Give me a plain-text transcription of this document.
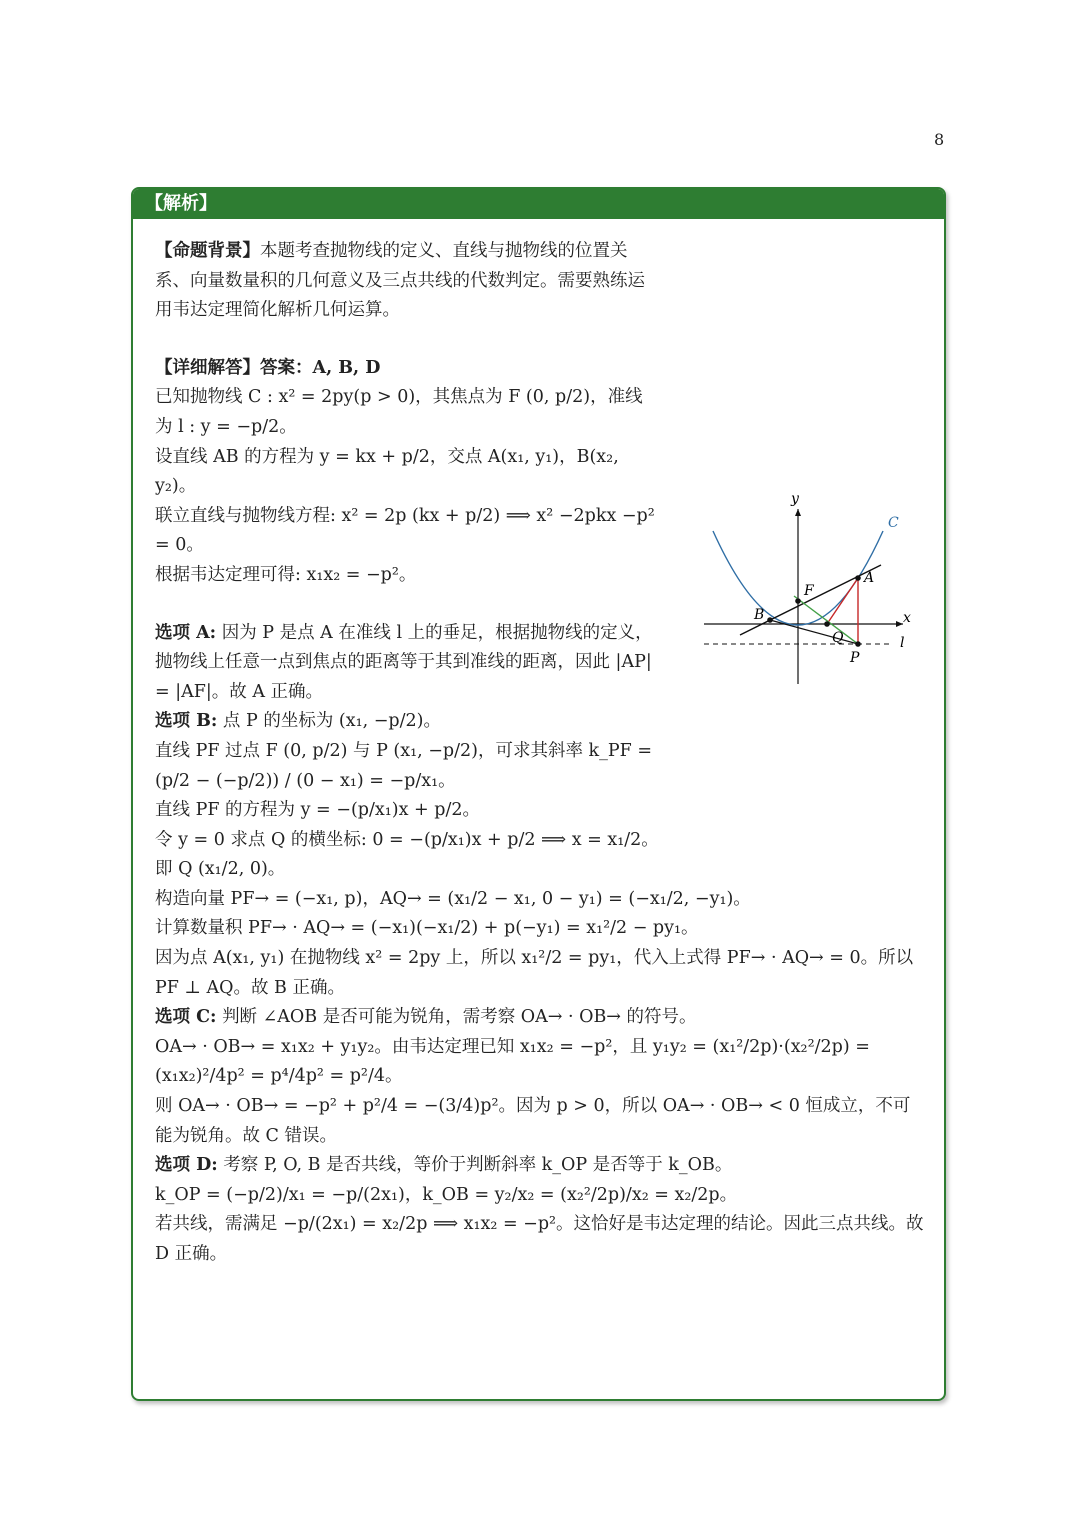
8
【解析】

【命题背景】本题考查抛物线的定义、直线与抛物线的位置关系、向量数量积的几何意义及三点共线的代数判定。需要熟练运用韦达定理简化解析几何运算。

【详细解答】答案：A, B, D

已知抛物线 C : x² = 2py(p > 0)，其焦点为 F (0, p/2)，准线为 l : y = −p/2。

设直线 AB 的方程为 y = kx + p/2，交点 A(x₁, y₁)，B(x₂, y₂)。

联立直线与抛物线方程: x² = 2p (kx + p/2) ⟹ x² −2pkx −p² = 0。

根据韦达定理可得: x₁x₂ = −p²。

选项 A: 因为 P 是点 A 在准线 l 上的垂足，根据抛物线的定义，抛物线上任意一点到焦点的距离等于其到准线的距离，因此 |AP| = |AF|。故 A 正确。

选项 B: 点 P 的坐标为 (x₁, −p/2)。

直线 PF 过点 F (0, p/2) 与 P (x₁, −p/2)，可求其斜率 k_PF = (p/2 − (−p/2)) / (0 − x₁) = −p/x₁。

直线 PF 的方程为 y = −(p/x₁)x + p/2。

令 y = 0 求点 Q 的横坐标: 0 = −(p/x₁)x + p/2 ⟹ x = x₁/2。即 Q (x₁/2, 0)。

构造向量 PF→ = (−x₁, p)，AQ→ = (x₁/2 − x₁, 0 − y₁) = (−x₁/2, −y₁)。

计算数量积 PF→ · AQ→ = (−x₁)(−x₁/2) + p(−y₁) = x₁²/2 − py₁。

因为点 A(x₁, y₁) 在抛物线 x² = 2py 上，所以 x₁²/2 = py₁，代入上式得 PF→ · AQ→ = 0。所以 PF ⊥ AQ。故 B 正确。

选项 C: 判断 ∠AOB 是否可能为锐角，需考察 OA→ · OB→ 的符号。

OA→ · OB→ = x₁x₂ + y₁y₂。由韦达定理已知 x₁x₂ = −p²，且 y₁y₂ = (x₁²/2p)·(x₂²/2p) = (x₁x₂)²/4p² = p⁴/4p² = p²/4。

则 OA→ · OB→ = −p² + p²/4 = −(3/4)p²。因为 p > 0，所以 OA→ · OB→ < 0 恒成立，不可能为锐角。故 C 错误。

选项 D: 考察 P, O, B 是否共线，等价于判断斜率 k_OP 是否等于 k_OB。

k_OP = (−p/2)/x₁ = −p/(2x₁)，k_OB = y₂/x₂ = (x₂²/2p)/x₂ = x₂/2p。

若共线，需满足 −p/(2x₁) = x₂/2p ⟹ x₁x₂ = −p²。这恰好是韦达定理的结论。因此三点共线。故 D 正确。

y
x
l
C
A
B
F
Q
P
